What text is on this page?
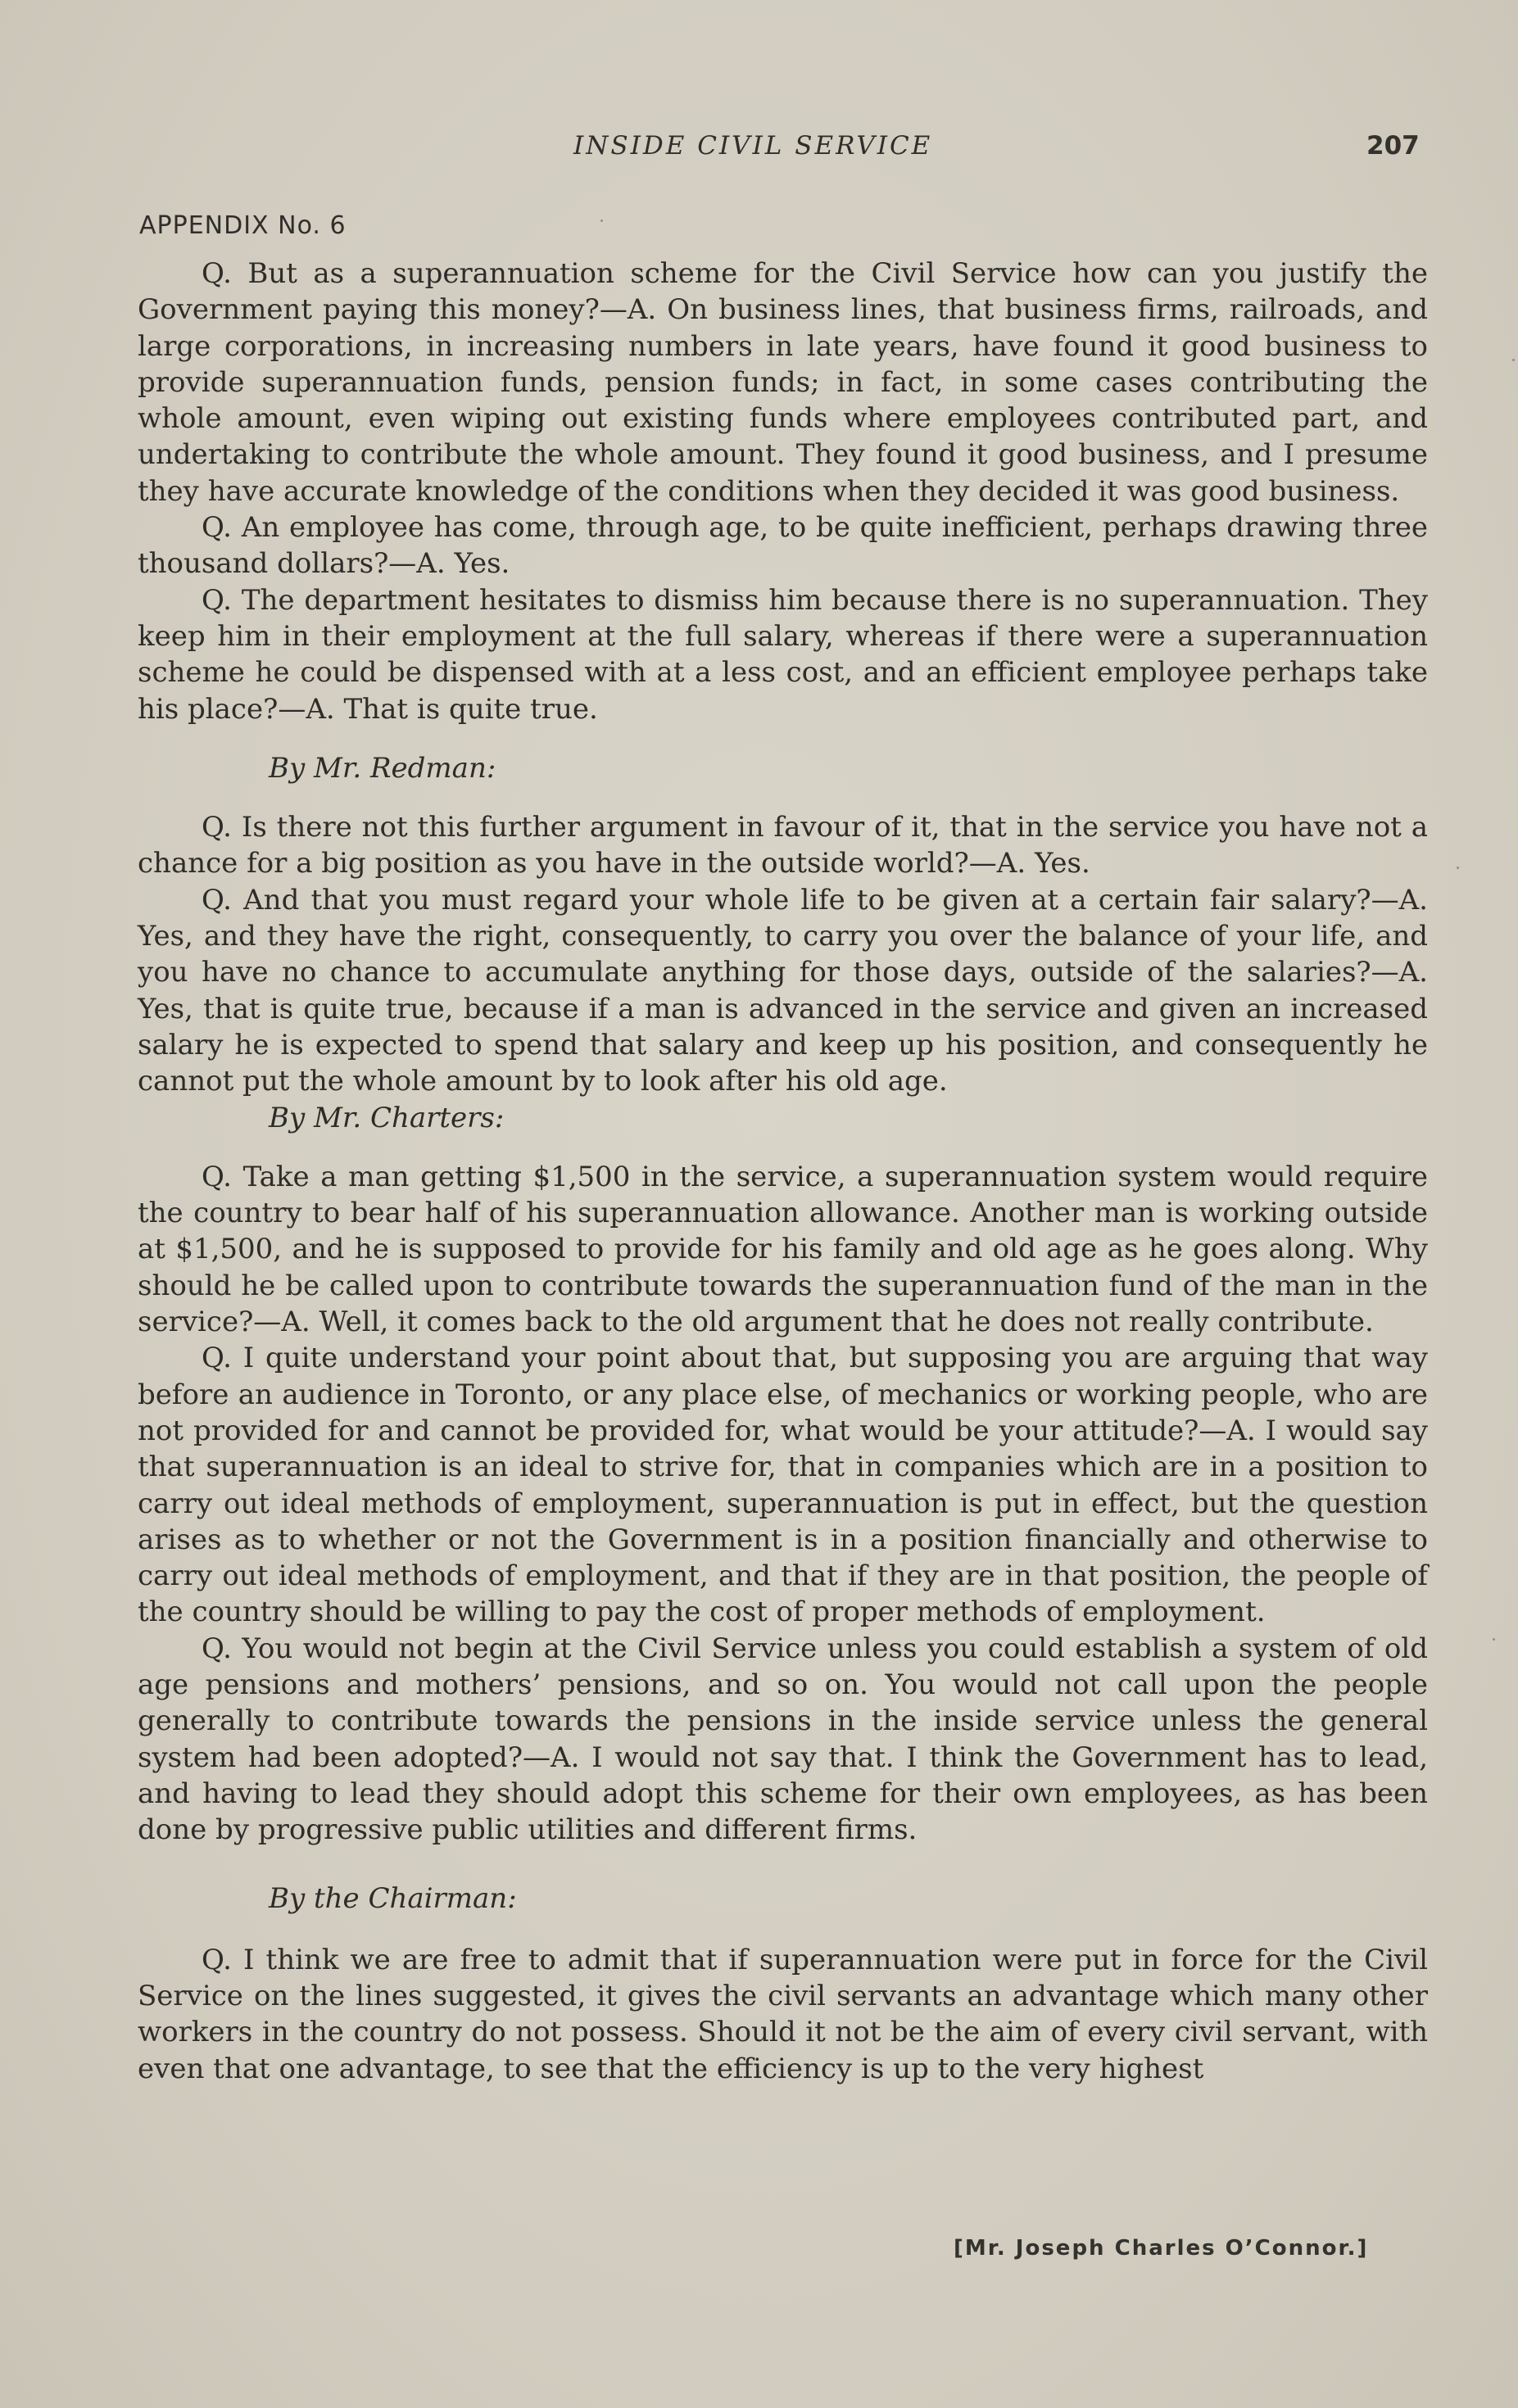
INSIDE CIVIL SERVICE	207
APPENDIX No. 6

Q. But as a superannuation scheme for the Civil Service how can you justify the Government paying this money?—A. On business lines, that business firms, railroads, and large corporations, in increasing numbers in late years, have found it good business to provide superannuation funds, pension funds; in fact, in some cases contributing the whole amount, even wiping out existing funds where employees contributed part, and undertaking to contribute the whole amount. They found it good business, and I presume they have accurate knowledge of the conditions when they decided it was good business.

Q. An employee has come, through age, to be quite inefficient, perhaps drawing three thousand dollars?—A. Yes.

Q. The department hesitates to dismiss him because there is no superannuation. They keep him in their employment at the full salary, whereas if there were a superannuation scheme he could be dispensed with at a less cost, and an efficient employee perhaps take his place?—A. That is quite true.

By Mr. Redman:

Q. Is there not this further argument in favour of it, that in the service you have not a chance for a big position as you have in the outside world?—A. Yes.

Q. And that you must regard your whole life to be given at a certain fair salary?—A. Yes, and they have the right, consequently, to carry you over the balance of your life, and you have no chance to accumulate anything for those days, outside of the salaries?—A. Yes, that is quite true, because if a man is advanced in the service and given an increased salary he is expected to spend that salary and keep up his position, and consequently he cannot put the whole amount by to look after his old age.

By Mr. Charters:

Q. Take a man getting $1,500 in the service, a superannuation system would require the country to bear half of his superannuation allowance. Another man is working outside at $1,500, and he is supposed to provide for his family and old age as he goes along. Why should he be called upon to contribute towards the superannuation fund of the man in the service?—A. Well, it comes back to the old argument that he does not really contribute.

Q. I quite understand your point about that, but supposing you are arguing that way before an audience in Toronto, or any place else, of mechanics or working people, who are not provided for and cannot be provided for, what would be your attitude?—A. I would say that superannuation is an ideal to strive for, that in companies which are in a position to carry out ideal methods of employment, superannuation is put in effect, but the question arises as to whether or not the Government is in a position financially and otherwise to carry out ideal methods of employment, and that if they are in that position, the people of the country should be willing to pay the cost of proper methods of employment.

Q. You would not begin at the Civil Service unless you could establish a system of old age pensions and mothers’ pensions, and so on. You would not call upon the people generally to contribute towards the pensions in the inside service unless the general system had been adopted?—A. I would not say that. I think the Government has to lead, and having to lead they should adopt this scheme for their own employees, as has been done by progressive public utilities and different firms.

By the Chairman:

Q. I think we are free to admit that if superannuation were put in force for the Civil Service on the lines suggested, it gives the civil servants an advantage which many other workers in the country do not possess. Should it not be the aim of every civil servant, with even that one advantage, to see that the efficiency is up to the very highest

[Mr. Joseph Charles O’Connor.]
